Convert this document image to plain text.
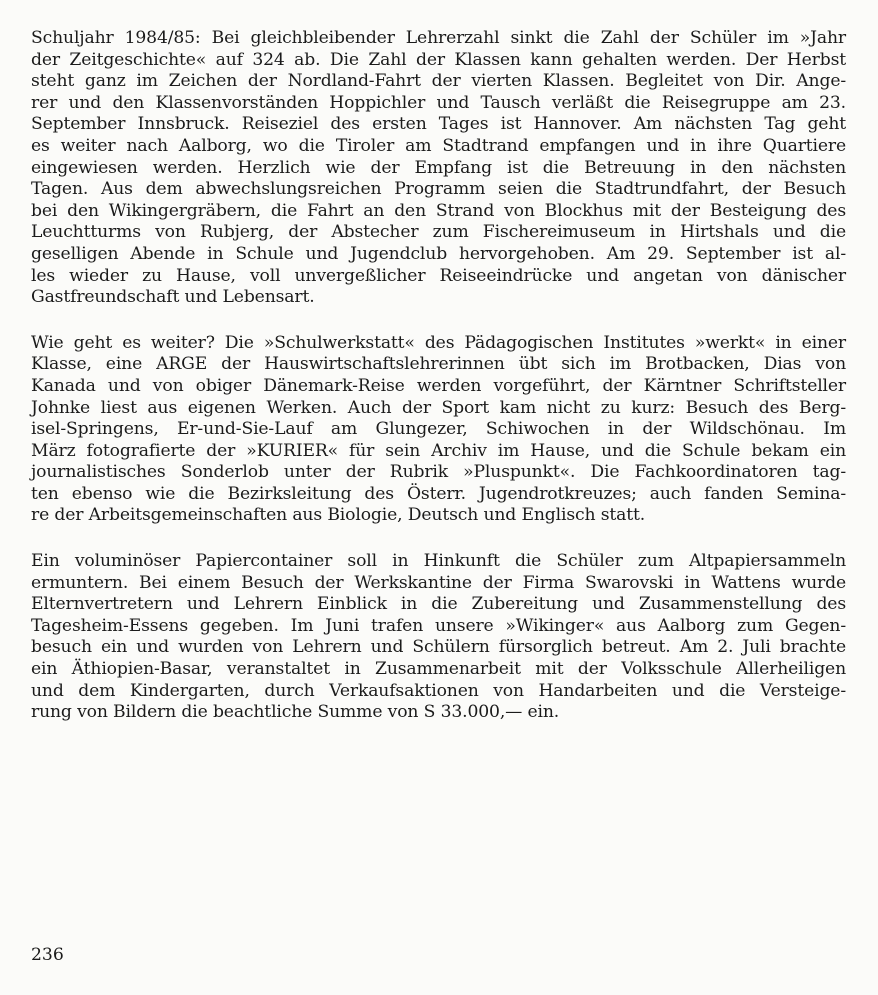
Schuljahr 1984/85: Bei gleichbleibender Lehrerzahl sinkt die Zahl der Schüler im »Jahr
der Zeitgeschichte« auf 324 ab. Die Zahl der Klassen kann gehalten werden. Der Herbst
steht ganz im Zeichen der Nordland-Fahrt der vierten Klassen. Begleitet von Dir. Ange-
rer und den Klassenvorständen Hoppichler und Tausch verläßt die Reisegruppe am 23.
September Innsbruck. Reiseziel des ersten Tages ist Hannover. Am nächsten Tag geht
es weiter nach Aalborg, wo die Tiroler am Stadtrand empfangen und in ihre Quartiere
eingewiesen werden. Herzlich wie der Empfang ist die Betreuung in den nächsten
Tagen. Aus dem abwechslungsreichen Programm seien die Stadtrundfahrt, der Besuch
bei den Wikingergräbern, die Fahrt an den Strand von Blockhus mit der Besteigung des
Leuchtturms von Rubjerg, der Abstecher zum Fischereimuseum in Hirtshals und die
geselligen Abende in Schule und Jugendclub hervorgehoben. Am 29. September ist al-
les wieder zu Hause, voll unvergeßlicher Reiseeindrücke und angetan von dänischer
Gastfreundschaft und Lebensart.

Wie geht es weiter? Die »Schulwerkstatt« des Pädagogischen Institutes »werkt« in einer
Klasse, eine ARGE der Hauswirtschaftslehrerinnen übt sich im Brotbacken, Dias von
Kanada und von obiger Dänemark-Reise werden vorgeführt, der Kärntner Schriftsteller
Johnke liest aus eigenen Werken. Auch der Sport kam nicht zu kurz: Besuch des Berg-
isel-Springens, Er-und-Sie-Lauf am Glungezer, Schiwochen in der Wildschönau. Im
März fotografierte der »KURIER« für sein Archiv im Hause, und die Schule bekam ein
journalistisches Sonderlob unter der Rubrik »Pluspunkt«. Die Fachkoordinatoren tag-
ten ebenso wie die Bezirksleitung des Österr. Jugendrotkreuzes; auch fanden Semina-
re der Arbeitsgemeinschaften aus Biologie, Deutsch und Englisch statt.

Ein voluminöser Papiercontainer soll in Hinkunft die Schüler zum Altpapiersammeln
ermuntern. Bei einem Besuch der Werkskantine der Firma Swarovski in Wattens wurde
Elternvertretern und Lehrern Einblick in die Zubereitung und Zusammenstellung des
Tagesheim-Essens gegeben. Im Juni trafen unsere »Wikinger« aus Aalborg zum Gegen-
besuch ein und wurden von Lehrern und Schülern fürsorglich betreut. Am 2. Juli brachte
ein Äthiopien-Basar, veranstaltet in Zusammenarbeit mit der Volksschule Allerheiligen
und dem Kindergarten, durch Verkaufsaktionen von Handarbeiten und die Versteige-
rung von Bildern die beachtliche Summe von S 33.000,— ein.

236
